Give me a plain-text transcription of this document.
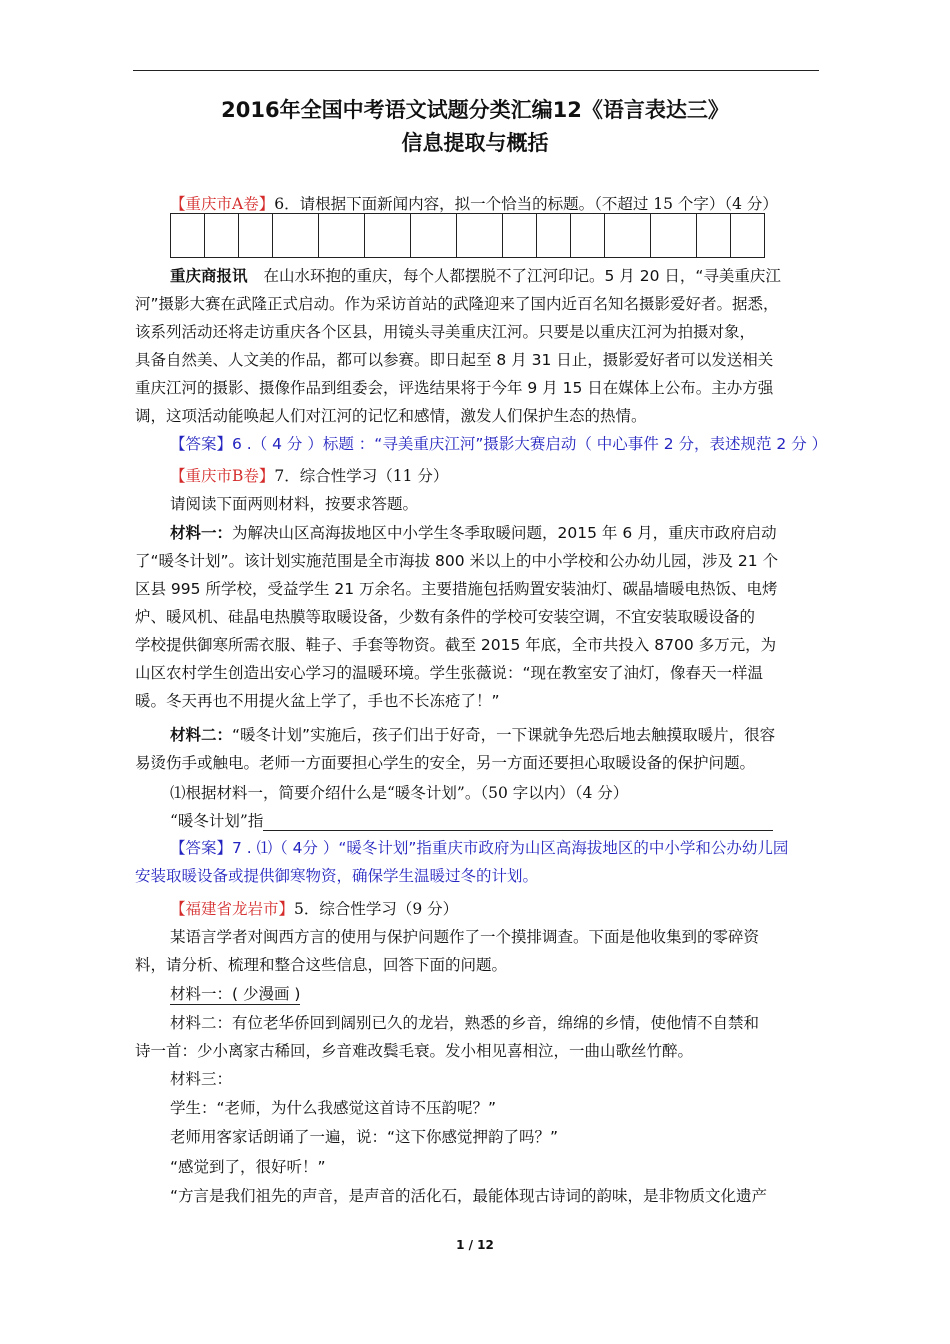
2016年全国中考语文试题分类汇编12《语言表达三》
信息提取与概括
【重庆市A卷】6．请根据下面新闻内容，拟一个恰当的标题。（不超过 15 个字）（4 分）
重庆商报讯 在山水环抱的重庆，每个人都摆脱不了江河印记。5 月 20 日，“寻美重庆江
河”摄影大赛在武隆正式启动。作为采访首站的武隆迎来了国内近百名知名摄影爱好者。据悉，
该系列活动还将走访重庆各个区县，用镜头寻美重庆江河。只要是以重庆江河为拍摄对象，
具备自然美、人文美的作品，都可以参赛。即日起至 8 月 31 日止，摄影爱好者可以发送相关
重庆江河的摄影、摄像作品到组委会，评选结果将于今年 9 月 15 日在媒体上公布。主办方强
调，这项活动能唤起人们对江河的记忆和感情，激发人们保护生态的热情。
【答案】6 .（ 4 分 ）标题 ：“寻美重庆江河”摄影大赛启动（ 中心事件 2 分，表述规范 2 分 ）
【重庆市B卷】7．综合性学习（11 分）
请阅读下面两则材料，按要求答题。
材料一：为解决山区高海拔地区中小学生冬季取暖问题，2015 年 6 月，重庆市政府启动
了“暖冬计划”。该计划实施范围是全市海拔 800 米以上的中小学校和公办幼儿园，涉及 21 个
区县 995 所学校，受益学生 21 万余名。主要措施包括购置安装油灯、碳晶墙暖电热饭、电烤
炉、暖风机、硅晶电热膜等取暖设备，少数有条件的学校可安装空调，不宜安装取暖设备的
学校提供御寒所需衣服、鞋子、手套等物资。截至 2015 年底，全市共投入 8700 多万元，为
山区农村学生创造出安心学习的温暖环境。学生张薇说：“现在教室安了油灯，像春天一样温
暖。冬天再也不用提火盆上学了，手也不长冻疮了！”
材料二：“暖冬计划”实施后，孩子们出于好奇，一下课就争先恐后地去触摸取暖片，很容
易烫伤手或触电。老师一方面要担心学生的安全，另一方面还要担心取暖设备的保护问题。
⑴根据材料一，简要介绍什么是“暖冬计划”。（50 字以内）（4 分）
“暖冬计划”指
【答案】7 . ⑴（ 4分 ）“暖冬计划”指重庆市政府为山区高海拔地区的中小学和公办幼儿园
安装取暖设备或提供御寒物资，确保学生温暖过冬的计划。
【福建省龙岩市】5．综合性学习（9 分）
某语言学者对闽西方言的使用与保护问题作了一个摸排调查。下面是他收集到的零碎资
料，请分析、梳理和整合这些信息，回答下面的问题。
材料一：( 少漫画 )
材料二：有位老华侨回到阔别已久的龙岩，熟悉的乡音，绵绵的乡情，使他情不自禁和
诗一首：少小离家古稀回，乡音难改鬓毛衰。发小相见喜相泣，一曲山歌丝竹醉。
材料三：
学生：“老师，为什么我感觉这首诗不压韵呢？”
老师用客家话朗诵了一遍，说：“这下你感觉押韵了吗？”
“感觉到了，很好听！”
“方言是我们祖先的声音，是声音的活化石，最能体现古诗词的韵味，是非物质文化遗产
1 / 12
